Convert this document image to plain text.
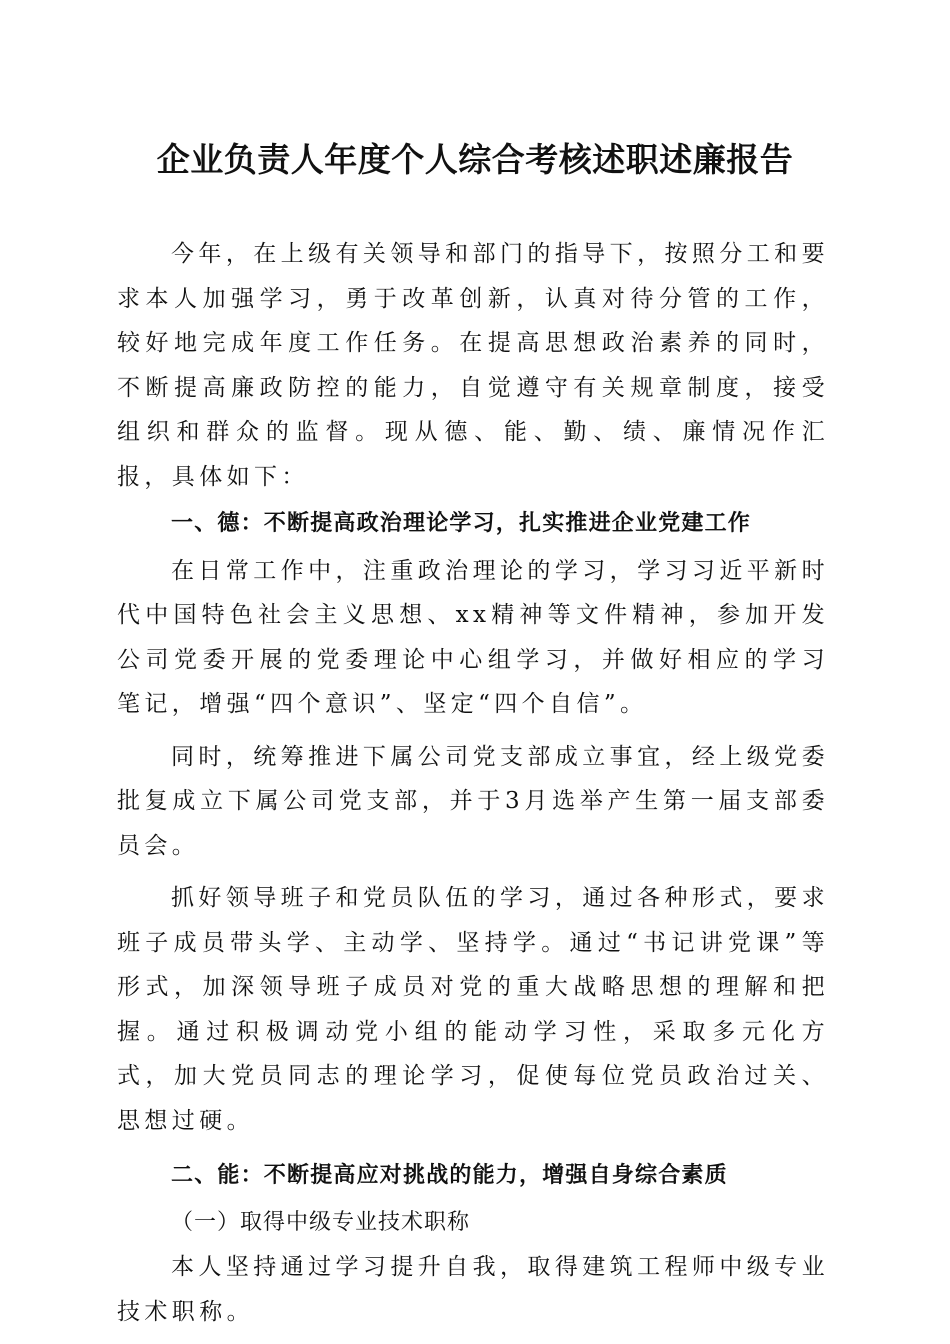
企业负责人年度个人综合考核述职述廉报告

今年，在上级有关领导和部门的指导下，按照分工和要求本人加强学习，勇于改革创新，认真对待分管的工作，较好地完成年度工作任务。在提高思想政治素养的同时，不断提高廉政防控的能力，自觉遵守有关规章制度，接受组织和群众的监督。现从德、能、勤、绩、廉情况作汇报，具体如下：

一、德：不断提高政治理论学习，扎实推进企业党建工作

在日常工作中，注重政治理论的学习，学习习近平新时代中国特色社会主义思想、xx精神等文件精神，参加开发公司党委开展的党委理论中心组学习，并做好相应的学习笔记，增强“四个意识”、坚定“四个自信”。

同时，统筹推进下属公司党支部成立事宜，经上级党委批复成立下属公司党支部，并于3月选举产生第一届支部委员会。

抓好领导班子和党员队伍的学习，通过各种形式，要求班子成员带头学、主动学、坚持学。通过“书记讲党课”等形式，加深领导班子成员对党的重大战略思想的理解和把握。通过积极调动党小组的能动学习性，采取多元化方式，加大党员同志的理论学习，促使每位党员政治过关、思想过硬。

二、能：不断提高应对挑战的能力，增强自身综合素质
（一）取得中级专业技术职称

本人坚持通过学习提升自我，取得建筑工程师中级专业技术职称。
